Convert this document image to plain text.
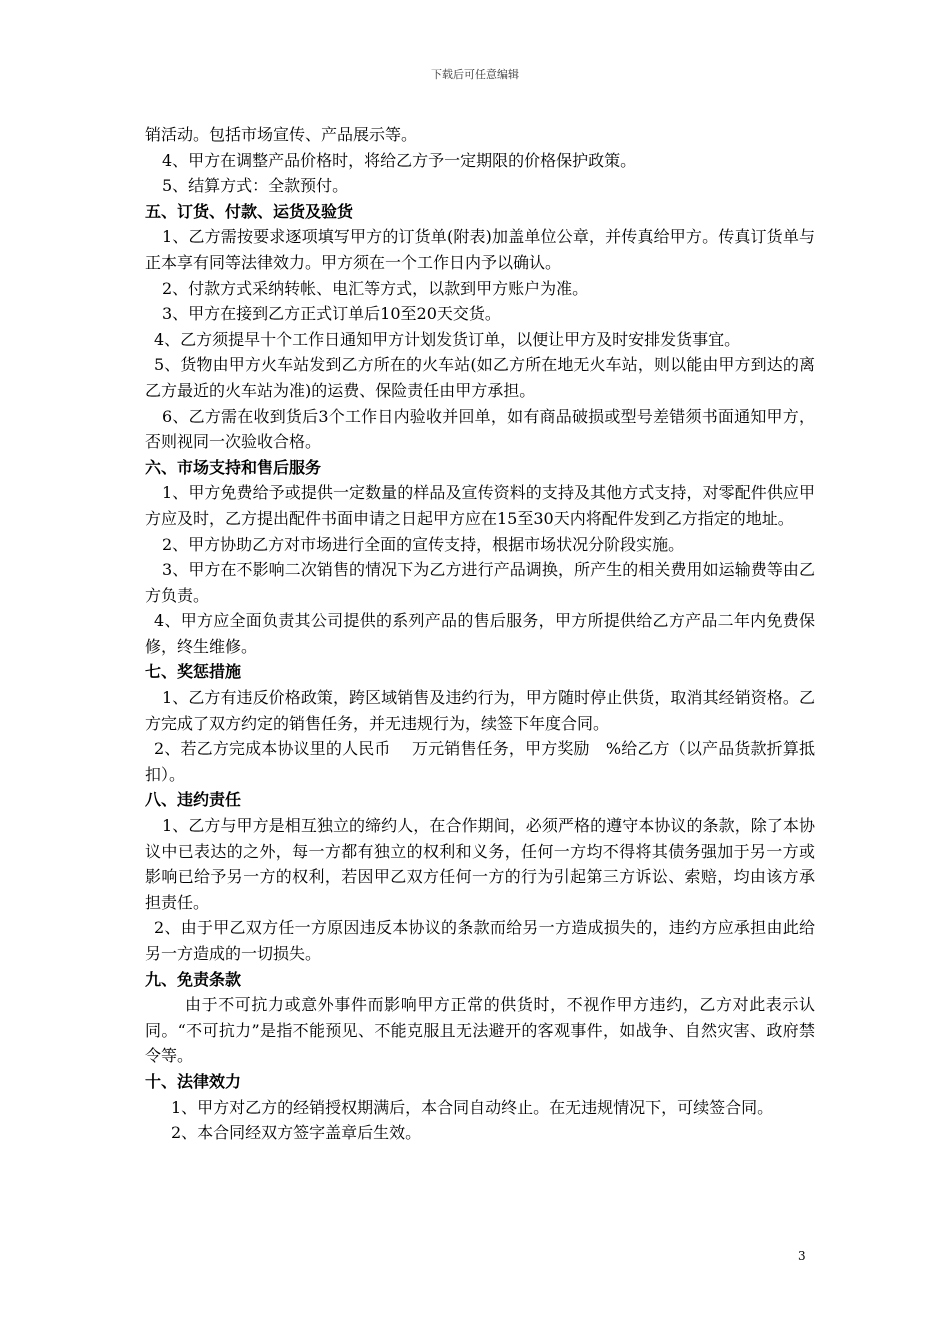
下载后可任意编辑

销活动。包括市场宣传、产品展示等。

4、甲方在调整产品价格时，将给乙方予一定期限的价格保护政策。

5、结算方式：全款预付。

五、订货、付款、运货及验货

1、乙方需按要求逐项填写甲方的订货单(附表)加盖单位公章，并传真给甲方。传真订货单与正本享有同等法律效力。甲方须在一个工作日内予以确认。

2、付款方式采纳转帐、电汇等方式，以款到甲方账户为准。

3、甲方在接到乙方正式订单后10至20天交货。

4、乙方须提早十个工作日通知甲方计划发货订单，以便让甲方及时安排发货事宜。

5、货物由甲方火车站发到乙方所在的火车站(如乙方所在地无火车站，则以能由甲方到达的离乙方最近的火车站为准)的运费、保险责任由甲方承担。

6、乙方需在收到货后3个工作日内验收并回单，如有商品破损或型号差错须书面通知甲方，否则视同一次验收合格。

六、市场支持和售后服务

1、甲方免费给予或提供一定数量的样品及宣传资料的支持及其他方式支持，对零配件供应甲方应及时，乙方提出配件书面申请之日起甲方应在15至30天内将配件发到乙方指定的地址。

2、甲方协助乙方对市场进行全面的宣传支持，根据市场状况分阶段实施。

3、甲方在不影响二次销售的情况下为乙方进行产品调换，所产生的相关费用如运输费等由乙方负责。

4、甲方应全面负责其公司提供的系列产品的售后服务，甲方所提供给乙方产品二年内免费保修，终生维修。

七、奖惩措施

1、乙方有违反价格政策，跨区域销售及违约行为，甲方随时停止供货，取消其经销资格。乙方完成了双方约定的销售任务，并无违规行为，续签下年度合同。

2、若乙方完成本协议里的人民币　 万元销售任务，甲方奖励　%给乙方（以产品货款折算抵扣）。

八、违约责任

1、乙方与甲方是相互独立的缔约人，在合作期间，必须严格的遵守本协议的条款，除了本协议中已表达的之外，每一方都有独立的权利和义务，任何一方均不得将其债务强加于另一方或影响已给予另一方的权利，若因甲乙双方任何一方的行为引起第三方诉讼、索赔，均由该方承担责任。

2、由于甲乙双方任一方原因违反本协议的条款而给另一方造成损失的，违约方应承担由此给另一方造成的一切损失。

九、免责条款

由于不可抗力或意外事件而影响甲方正常的供货时，不视作甲方违约，乙方对此表示认同。“不可抗力”是指不能预见、不能克服且无法避开的客观事件，如战争、自然灾害、政府禁令等。

十、法律效力

1、甲方对乙方的经销授权期满后，本合同自动终止。在无违规情况下，可续签合同。

2、本合同经双方签字盖章后生效。

3
